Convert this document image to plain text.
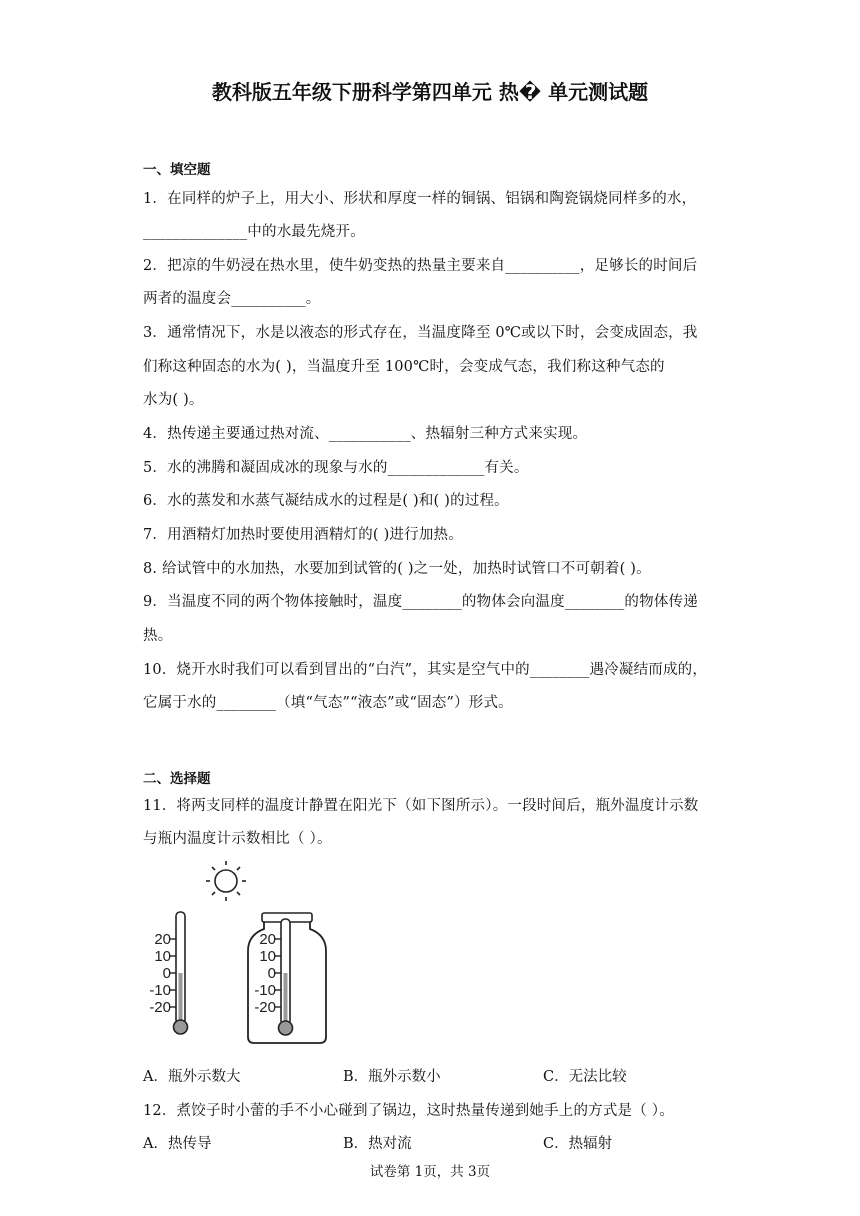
教科版五年级下册科学第四单元 热� 单元测试题
一、填空题
1．在同样的炉子上，用大小、形状和厚度一样的铜锅、铝锅和陶瓷锅烧同样多的水，
______________中的水最先烧开。
2．把凉的牛奶浸在热水里，使牛奶变热的热量主要来自__________，足够长的时间后
两者的温度会__________。
3．通常情况下，水是以液态的形式存在，当温度降至 0℃或以下时，会变成固态，我
们称这种固态的水为( )，当温度升至 100℃时，会变成气态，我们称这种气态的
水为( )。
4．热传递主要通过热对流、___________、热辐射三种方式来实现。
5．水的沸腾和凝固成冰的现象与水的_____________有关。
6．水的蒸发和水蒸气凝结成水的过程是( )和( )的过程。
7．用酒精灯加热时要使用酒精灯的( )进行加热。
8. 给试管中的水加热，水要加到试管的( )之一处，加热时试管口不可朝着( )。
9．当温度不同的两个物体接触时，温度________的物体会向温度________的物体传递
热。
10．烧开水时我们可以看到冒出的“白汽”，其实是空气中的________遇冷凝结而成的，
它属于水的________（填“气态”“液态”或“固态”）形式。
二、选择题
11．将两支同样的温度计静置在阳光下（如下图所示）。一段时间后，瓶外温度计示数
与瓶内温度计示数相比（ ）。
20
10
0
-10
-20
20
10
0
-10
-20
A．瓶外示数大	B．瓶外示数小	C．无法比较
12．煮饺子时小蕾的手不小心碰到了锅边，这时热量传递到她手上的方式是（ ）。
A．热传导	B．热对流	C．热辐射
试卷第 1页，共 3页
